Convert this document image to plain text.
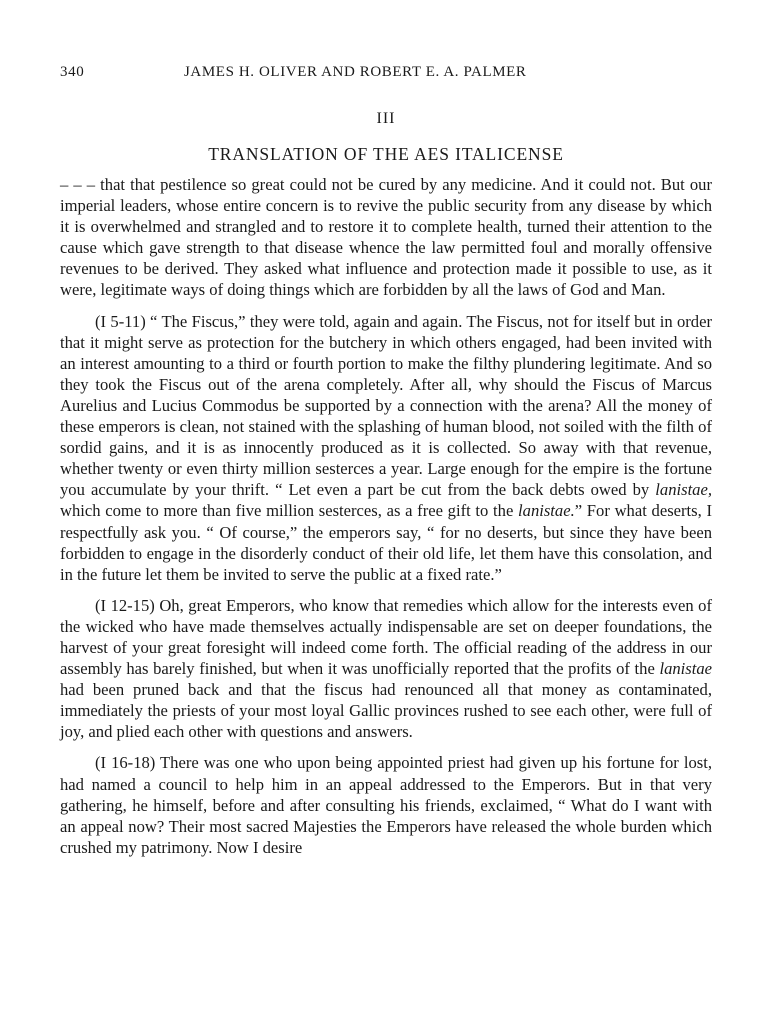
340	JAMES H. OLIVER AND ROBERT E. A. PALMER
III
TRANSLATION OF THE AES ITALICENSE

– – – that that pestilence so great could not be cured by any medicine. And it could not. But our imperial leaders, whose entire concern is to revive the public security from any disease by which it is overwhelmed and strangled and to restore it to complete health, turned their attention to the cause which gave strength to that disease whence the law permitted foul and morally offensive revenues to be derived. They asked what influence and protection made it possible to use, as it were, legitimate ways of doing things which are forbidden by all the laws of God and Man.

(I 5-11) “ The Fiscus,” they were told, again and again. The Fiscus, not for itself but in order that it might serve as protection for the butchery in which others engaged, had been invited with an interest amounting to a third or fourth portion to make the filthy plundering legitimate. And so they took the Fiscus out of the arena completely. After all, why should the Fiscus of Marcus Aurelius and Lucius Commodus be supported by a connection with the arena? All the money of these emperors is clean, not stained with the splashing of human blood, not soiled with the filth of sordid gains, and it is as innocently produced as it is collected. So away with that revenue, whether twenty or even thirty million sesterces a year. Large enough for the empire is the fortune you accumulate by your thrift. “ Let even a part be cut from the back debts owed by lanistae, which come to more than five million sesterces, as a free gift to the lanistae.” For what deserts, I respectfully ask you. “ Of course,” the emperors say, “ for no deserts, but since they have been forbidden to engage in the disorderly conduct of their old life, let them have this consolation, and in the future let them be invited to serve the public at a fixed rate.”

(I 12-15) Oh, great Emperors, who know that remedies which allow for the interests even of the wicked who have made themselves actually indispensable are set on deeper foundations, the harvest of your great foresight will indeed come forth. The official reading of the address in our assembly has barely finished, but when it was unofficially reported that the profits of the lanistae had been pruned back and that the fiscus had renounced all that money as contaminated, immediately the priests of your most loyal Gallic provinces rushed to see each other, were full of joy, and plied each other with questions and answers.

(I 16-18) There was one who upon being appointed priest had given up his fortune for lost, had named a council to help him in an appeal addressed to the Emperors. But in that very gathering, he himself, before and after consulting his friends, exclaimed, “ What do I want with an appeal now? Their most sacred Majesties the Emperors have released the whole burden which crushed my patrimony. Now I desire
